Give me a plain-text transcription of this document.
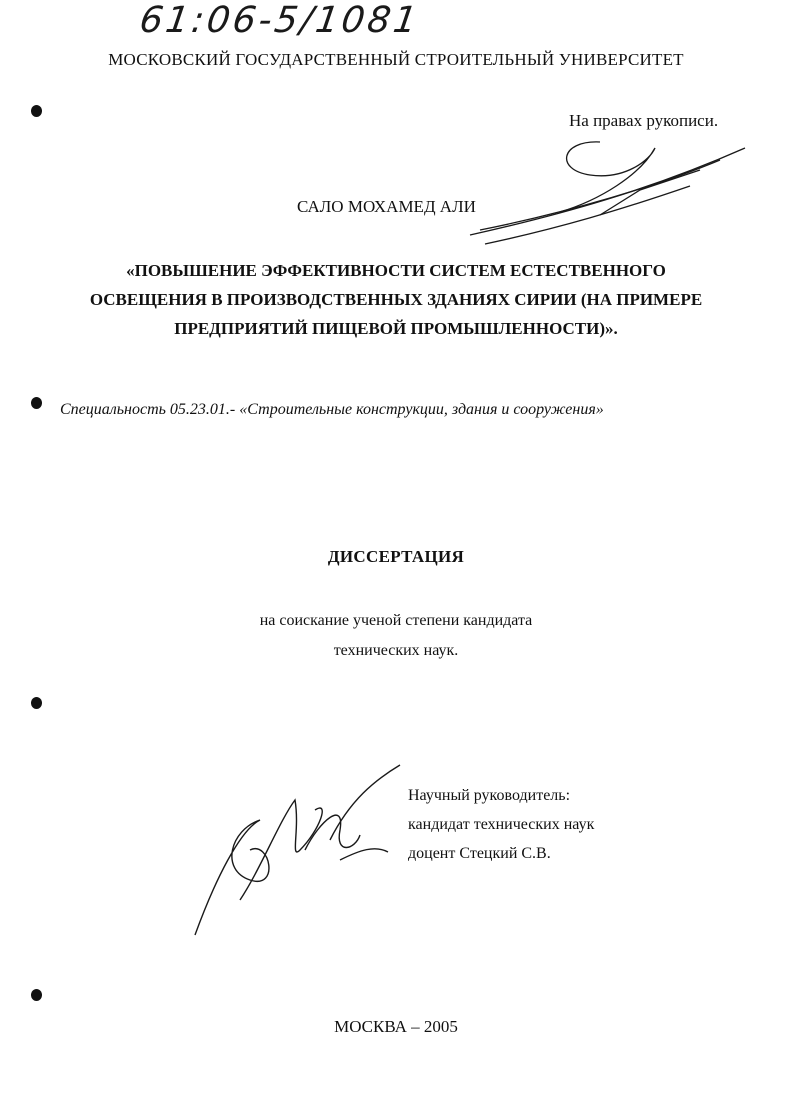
61:06-5/1081
МОСКОВСКИЙ ГОСУДАРСТВЕННЫЙ СТРОИТЕЛЬНЫЙ УНИВЕРСИТЕТ
На правах рукописи.
САЛО МОХАМЕД АЛИ
«ПОВЫШЕНИЕ ЭФФЕКТИВНОСТИ СИСТЕМ ЕСТЕСТВЕННОГО
ОСВЕЩЕНИЯ В ПРОИЗВОДСТВЕННЫХ ЗДАНИЯХ СИРИИ (НА ПРИМЕРЕ
ПРЕДПРИЯТИЙ ПИЩЕВОЙ ПРОМЫШЛЕННОСТИ)».
Специальность 05.23.01.- «Строительные конструкции, здания и сооружения»
ДИССЕРТАЦИЯ
на соискание ученой степени кандидата
технических наук.
Научный руководитель:
кандидат технических наук
доцент Стецкий С.В.
МОСКВА – 2005
